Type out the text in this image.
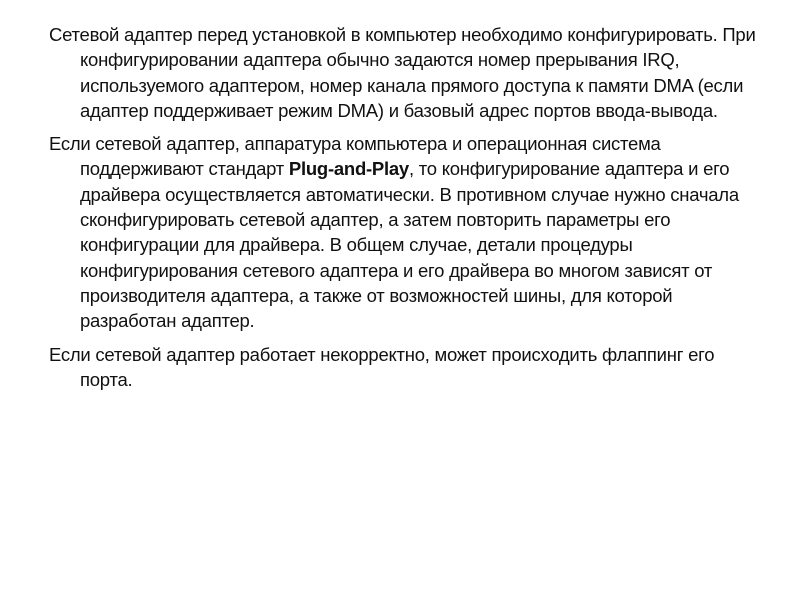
Сетевой адаптер перед установкой в компьютер необходимо конфигурировать. При конфигурировании адаптера обычно задаются номер прерывания IRQ, используемого адаптером, номер канала прямого доступа к памяти DMA (если адаптер поддерживает режим DMA) и базовый адрес портов ввода-вывода.

Если сетевой адаптер, аппаратура компьютера и операционная система поддерживают стандарт Plug-and-Play, то конфигурирование адаптера и его драйвера осуществляется автоматически. В противном случае нужно сначала сконфигурировать сетевой адаптер, а затем повторить параметры его конфигурации для драйвера. В общем случае, детали процедуры конфигурирования сетевого адаптера и его драйвера во многом зависят от производителя адаптера, а также от возможностей шины, для которой разработан адаптер.

Если сетевой адаптер работает некорректно, может происходить флаппинг его порта.
